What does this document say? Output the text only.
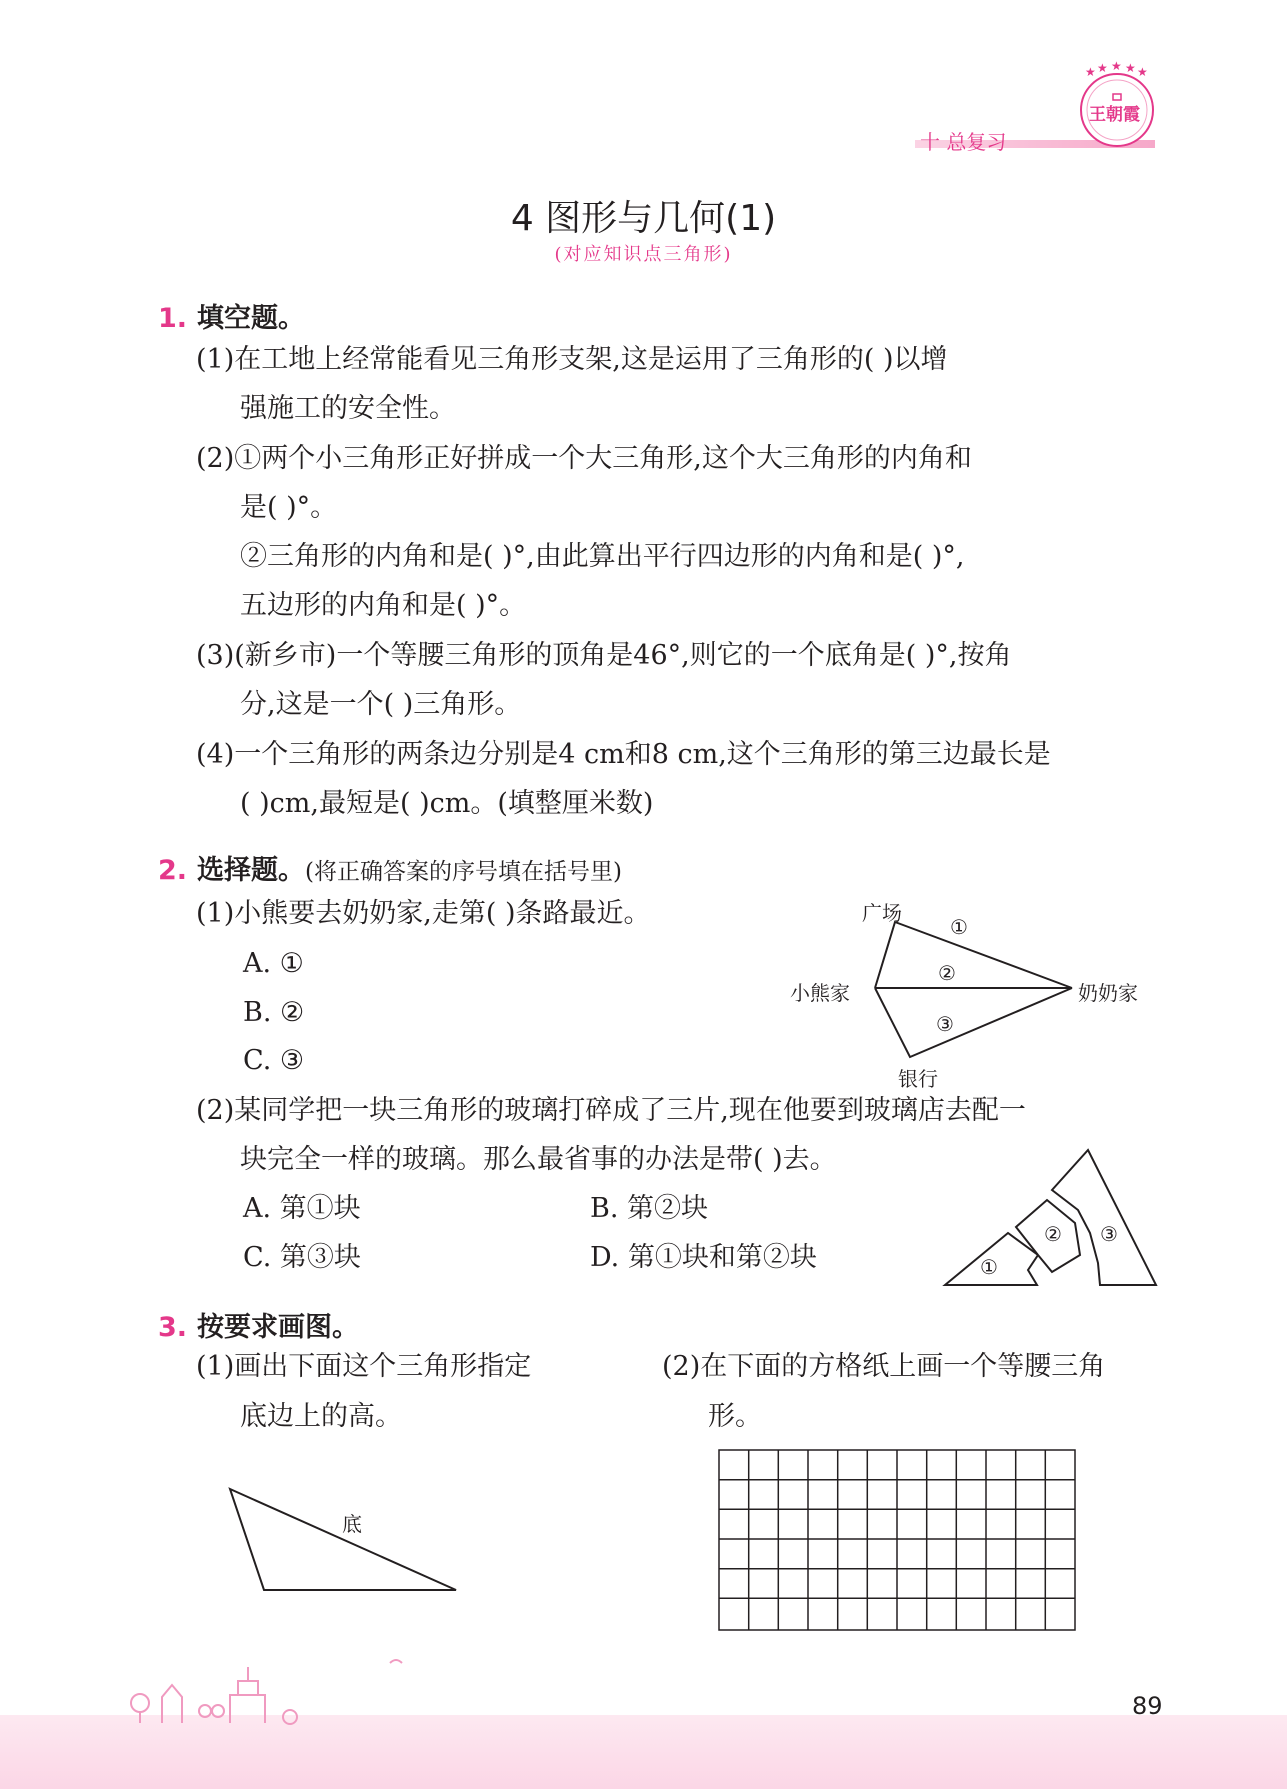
十 总复习
★ ★ ★ ★ ★
王朝霞
4 图形与几何(1)
(对应知识点三角形)
1. 填空题。
(1)在工地上经常能看见三角形支架,这是运用了三角形的( )以增
强施工的安全性。
(2)①两个小三角形正好拼成一个大三角形,这个大三角形的内角和
是( )°。
②三角形的内角和是( )°,由此算出平行四边形的内角和是( )°,
五边形的内角和是( )°。
(3)(新乡市)一个等腰三角形的顶角是46°,则它的一个底角是( )°,按角
分,这是一个( )三角形。
(4)一个三角形的两条边分别是4 cm和8 cm,这个三角形的第三边最长是
( )cm,最短是( )cm。(填整厘米数)
2. 选择题。(将正确答案的序号填在括号里)
(1)小熊要去奶奶家,走第( )条路最近。
A. ①
B. ②
C. ③
小熊家	奶奶家
广场
银行
①
②
③
(2)某同学把一块三角形的玻璃打碎成了三片,现在他要到玻璃店去配一
块完全一样的玻璃。那么最省事的办法是带( )去。
A. 第①块	B. 第②块
C. 第③块	D. 第①块和第②块	①
② ③
3. 按要求画图。
(1)画出下面这个三角形指定
底边上的高。
(2)在下面的方格纸上画一个等腰三角
形。
底
89
